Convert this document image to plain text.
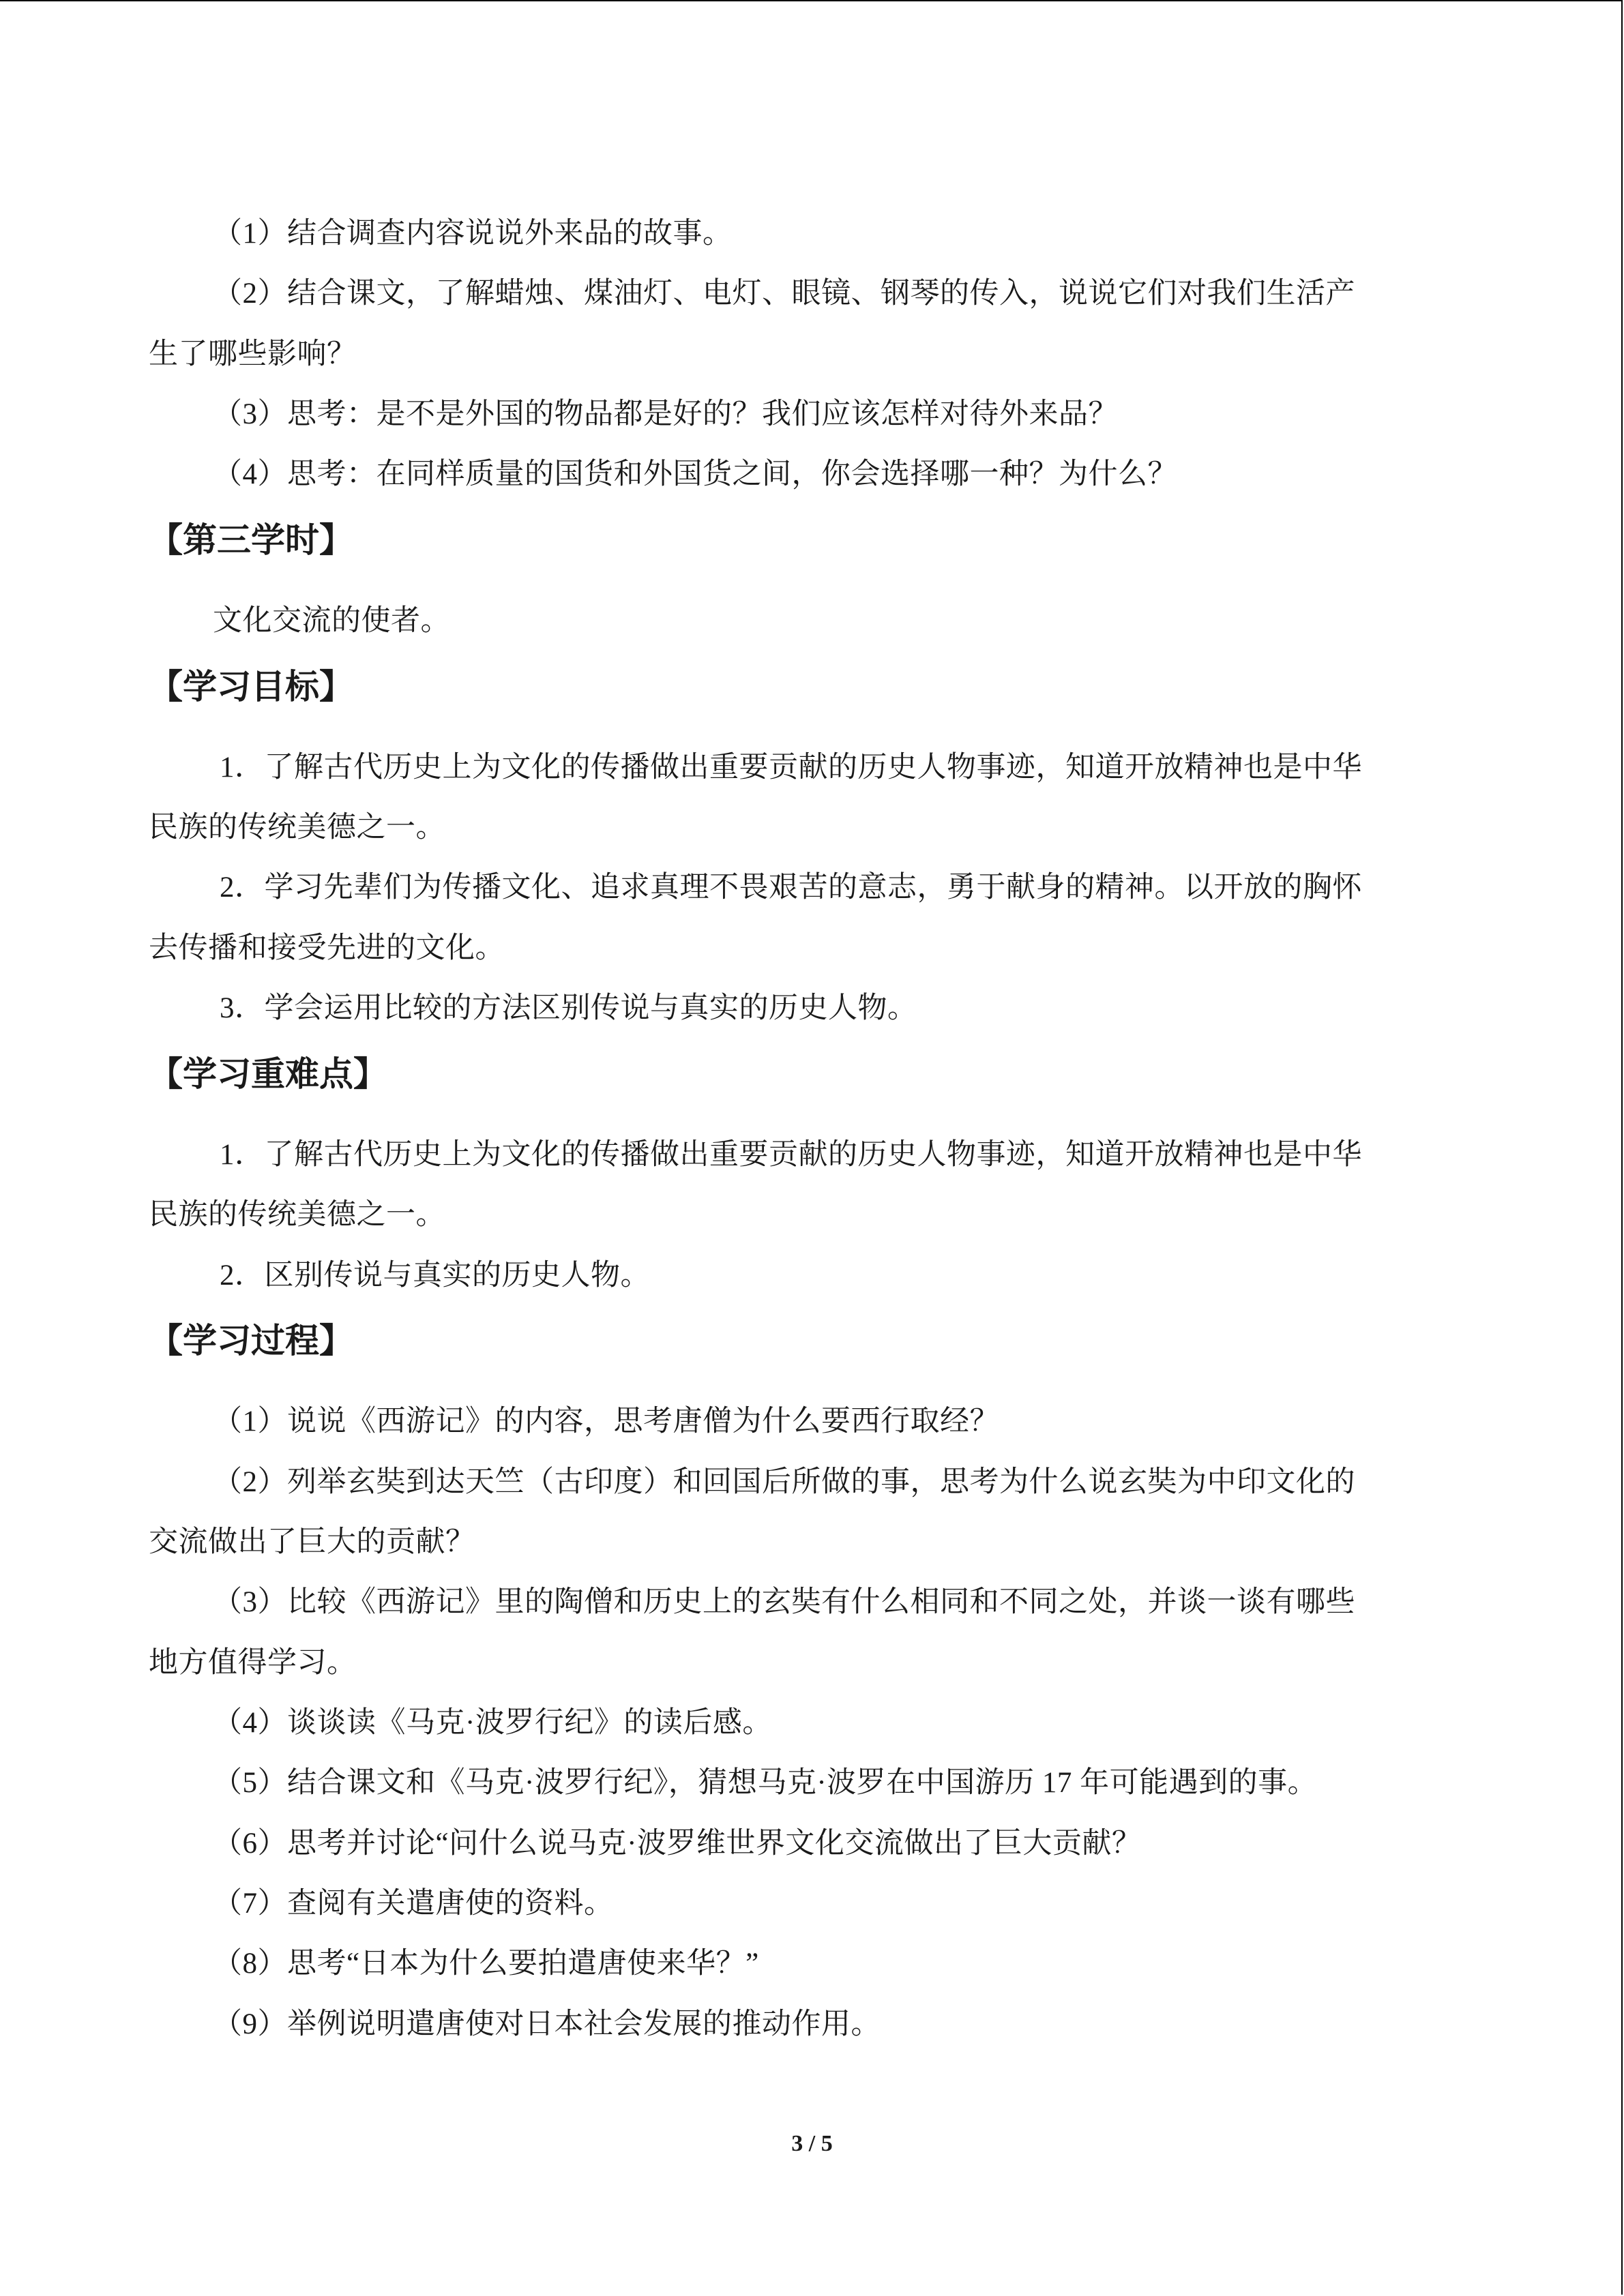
（1）结合调查内容说说外来品的故事。
（2）结合课文，了解蜡烛、煤油灯、电灯、眼镜、钢琴的传入，说说它们对我们生活产
生了哪些影响？
（3）思考：是不是外国的物品都是好的？我们应该怎样对待外来品？
（4）思考：在同样质量的国货和外国货之间，你会选择哪一种？为什么？
【第三学时】
文化交流的使者。
【学习目标】
1．了解古代历史上为文化的传播做出重要贡献的历史人物事迹，知道开放精神也是中华
民族的传统美德之一。
2．学习先辈们为传播文化、追求真理不畏艰苦的意志，勇于献身的精神。以开放的胸怀
去传播和接受先进的文化。
3．学会运用比较的方法区别传说与真实的历史人物。
【学习重难点】
1．了解古代历史上为文化的传播做出重要贡献的历史人物事迹，知道开放精神也是中华
民族的传统美德之一。
2．区别传说与真实的历史人物。
【学习过程】
（1）说说《西游记》的内容，思考唐僧为什么要西行取经？
（2）列举玄奘到达天竺（古印度）和回国后所做的事，思考为什么说玄奘为中印文化的
交流做出了巨大的贡献？
（3）比较《西游记》里的陶僧和历史上的玄奘有什么相同和不同之处，并谈一谈有哪些
地方值得学习。
（4）谈谈读《马克·波罗行纪》的读后感。
（5）结合课文和《马克·波罗行纪》，猜想马克·波罗在中国游历 17 年可能遇到的事。
（6）思考并讨论“问什么说马克·波罗维世界文化交流做出了巨大贡献？
（7）查阅有关遣唐使的资料。
（8）思考“日本为什么要拍遣唐使来华？”
（9）举例说明遣唐使对日本社会发展的推动作用。
3 / 5
